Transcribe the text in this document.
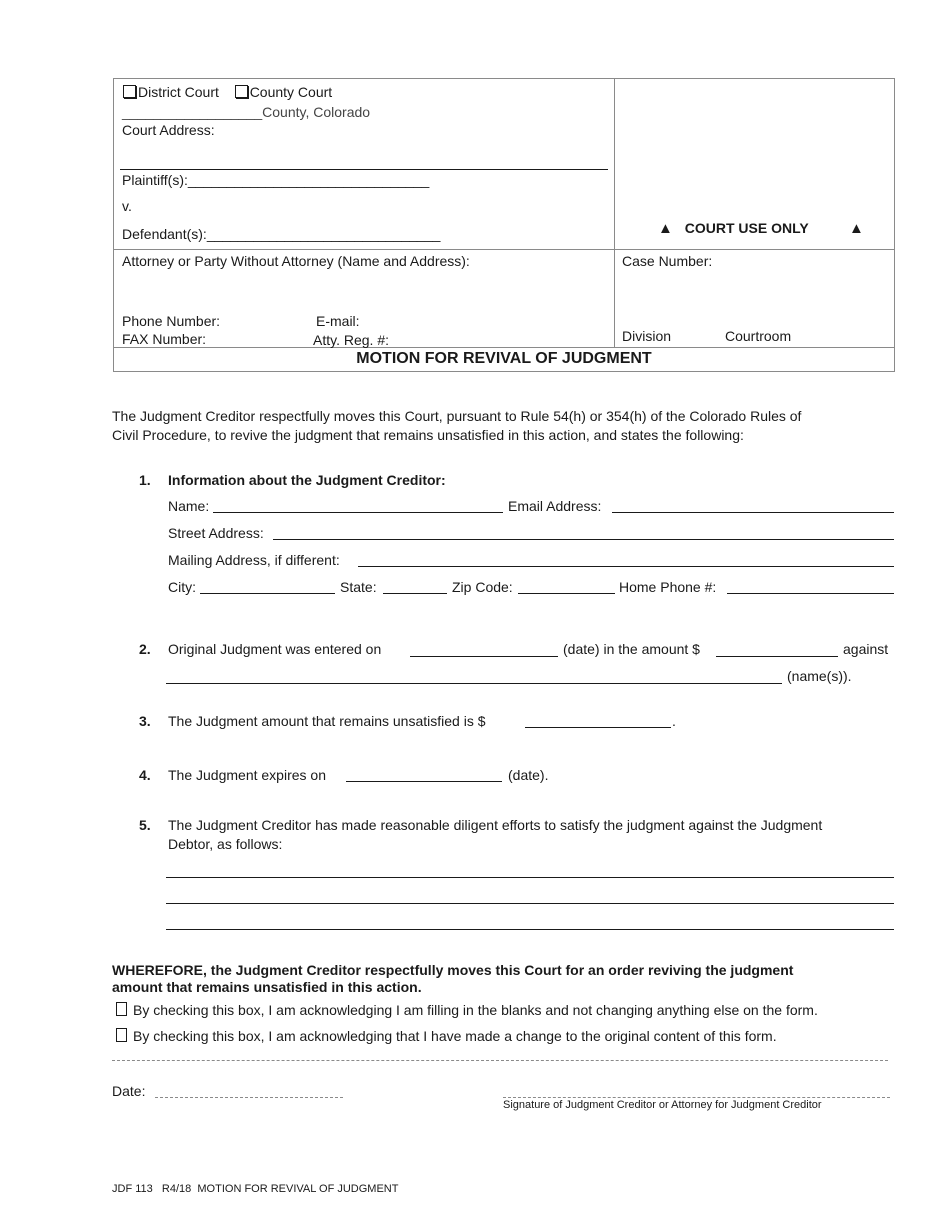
District Court County Court
__________________County, Colorado
Court Address:
Plaintiff(s):_______________________________
v.
Defendant(s):______________________________	▲ COURT USE ONLY	▲
Attorney or Party Without Attorney (Name and Address):
Phone Number:	E-mail:
FAX Number:	Atty. Reg. #:
Case Number:
Division	Courtroom
MOTION FOR REVIVAL OF JUDGMENT
The Judgment Creditor respectfully moves this Court, pursuant to Rule 54(h) or 354(h) of the Colorado Rules of
Civil Procedure, to revive the judgment that remains unsatisfied in this action, and states the following:
1. Information about the Judgment Creditor:
Name:	Email Address:
Street Address:
Mailing Address, if different:
City:	State:	Zip Code:	Home Phone #:
2. Original Judgment was entered on	(date) in the amount $	against
(name(s)).
3. The Judgment amount that remains unsatisfied is $	.
4. The Judgment expires on	(date).
5. The Judgment Creditor has made reasonable diligent efforts to satisfy the judgment against the Judgment
Debtor, as follows:
WHEREFORE, the Judgment Creditor respectfully moves this Court for an order reviving the judgment
amount that remains unsatisfied in this action.
By checking this box, I am acknowledging I am filling in the blanks and not changing anything else on the form.
By checking this box, I am acknowledging that I have made a change to the original content of this form.
Date:
Signature of Judgment Creditor or Attorney for Judgment Creditor
JDF 113   R4/18  MOTION FOR REVIVAL OF JUDGMENT
